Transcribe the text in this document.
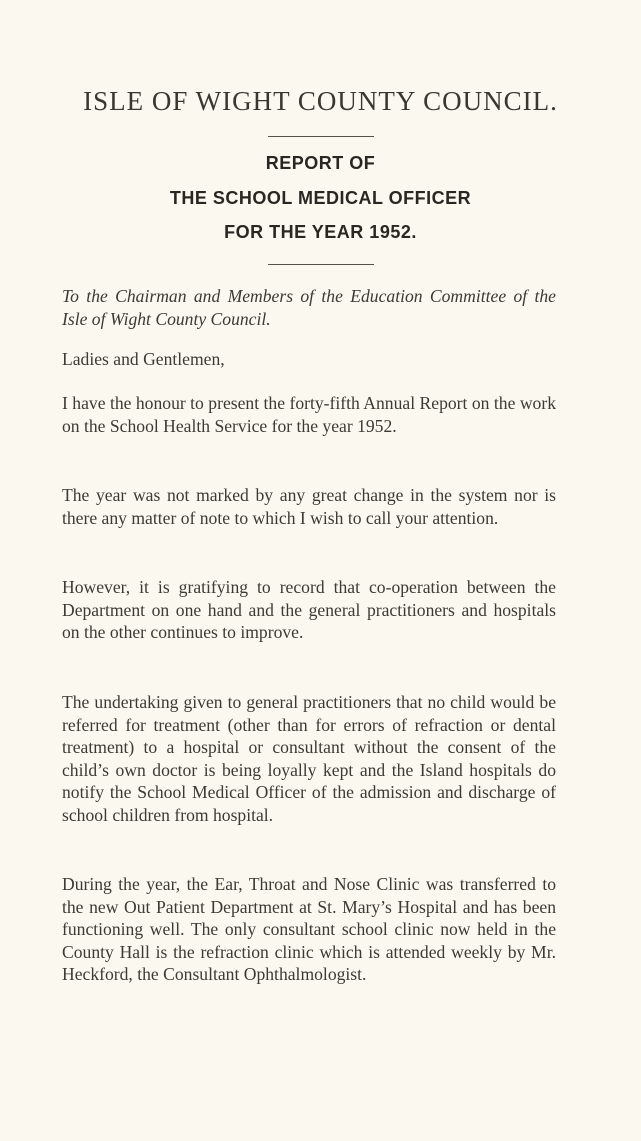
ISLE OF WIGHT COUNTY COUNCIL.
REPORT OF
THE SCHOOL MEDICAL OFFICER
FOR THE YEAR 1952.

To the Chairman and Members of the Education Committee of the Isle of Wight County Council.

Ladies and Gentlemen,

I have the honour to present the forty-fifth Annual Report on the work on the School Health Service for the year 1952.

The year was not marked by any great change in the system nor is there any matter of note to which I wish to call your attention.

However, it is gratifying to record that co-operation between the Department on one hand and the general practitioners and hospitals on the other continues to improve.

The undertaking given to general practitioners that no child would be referred for treatment (other than for errors of refraction or dental treatment) to a hospital or consultant without the consent of the child’s own doctor is being loyally kept and the Island hospitals do notify the School Medical Officer of the admission and discharge of school children from hospital.

During the year, the Ear, Throat and Nose Clinic was transferred to the new Out Patient Department at St. Mary’s Hospital and has been functioning well. The only consultant school clinic now held in the County Hall is the refraction clinic which is attended weekly by Mr. Heckford, the Consultant Ophthalmologist.
